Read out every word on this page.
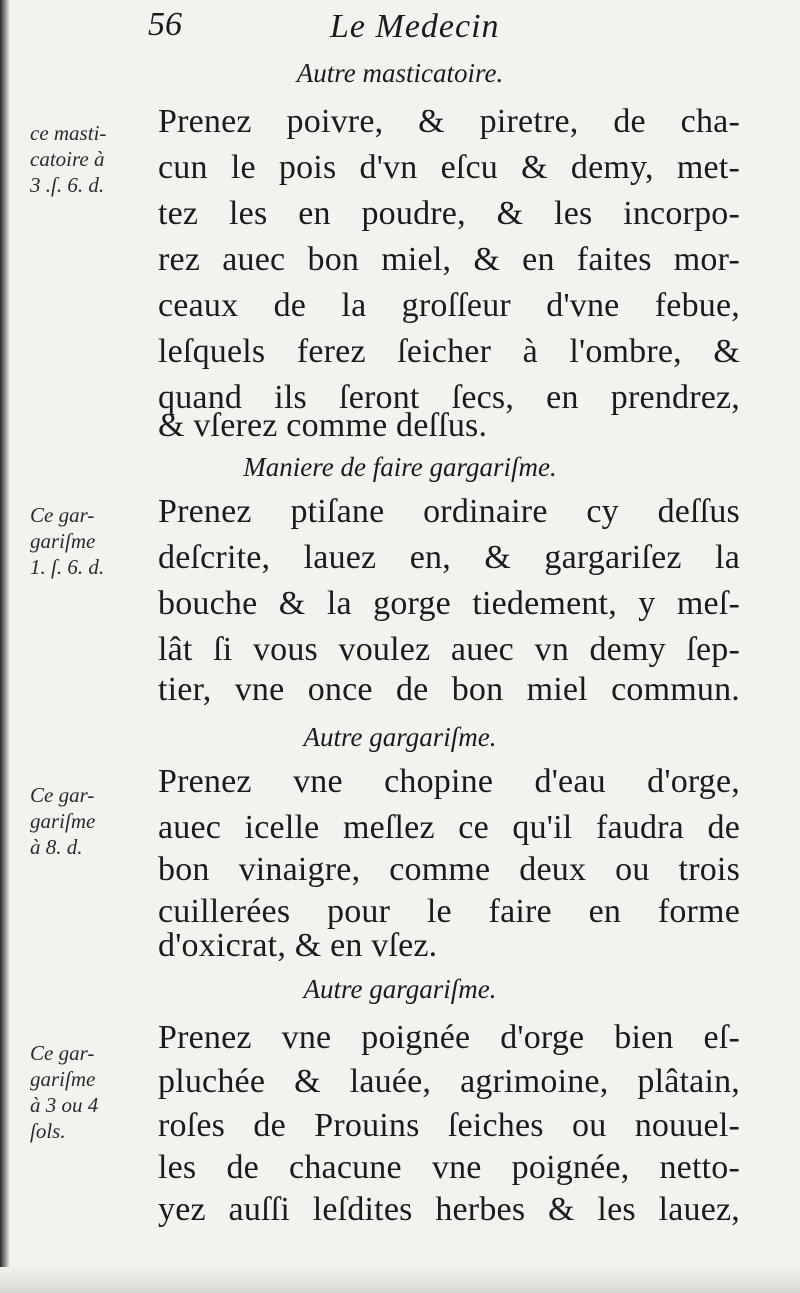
56	Le Medecin
Autre masticatoire.
ce masti-
catoire à
3 .ſ. 6. d.
Prenez poivre, & piretre, de cha-
cun le pois d'vn eſcu & demy, met-
tez les en poudre, & les incorpo-
rez auec bon miel, & en faites mor-
ceaux de la groſſeur d'vne febue,
leſquels ferez ſeicher à l'ombre, &
quand ils ſeront ſecs, en prendrez,
& vſerez comme deſſus.
Maniere de faire gargariſme.
Ce gar-
gariſme
1. ſ. 6. d.
Prenez ptiſane ordinaire cy deſſus
deſcrite, lauez en, & gargariſez la
bouche & la gorge tiedement, y meſ-
lât ſi vous voulez auec vn demy ſep-
tier, vne once de bon miel commun.
Autre gargariſme.
Ce gar-
gariſme
à 8. d.
Prenez vne chopine d'eau d'orge,
auec icelle meſlez ce qu'il faudra de
bon vinaigre, comme deux ou trois
cuillerées pour le faire en forme
d'oxicrat, & en vſez.
Autre gargariſme.
Ce gar-
gariſme
à 3 ou 4
ſols.
Prenez vne poignée d'orge bien eſ-
pluchée & lauée, agrimoine, plâtain,
roſes de Prouins ſeiches ou nouuel-
les de chacune vne poignée, netto-
yez auſſi leſdites herbes & les lauez,
